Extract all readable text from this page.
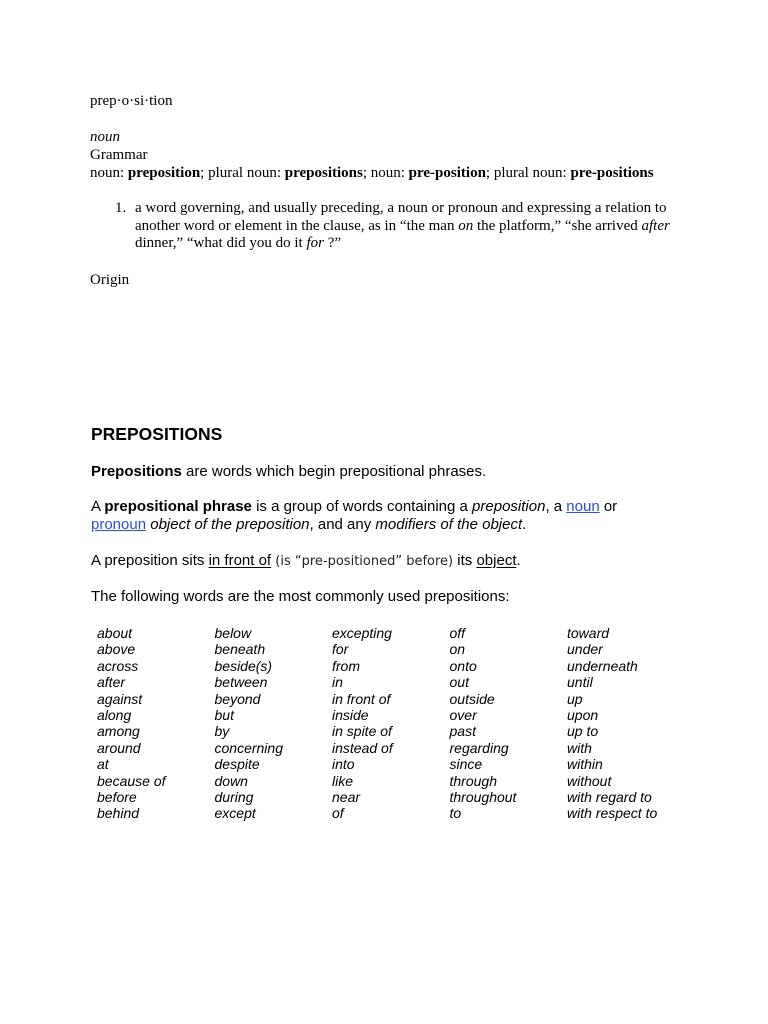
prep·o·si·tion
noun
Grammar
noun: preposition; plural noun: prepositions; noun: pre-position; plural noun: pre-positions
1. a word governing, and usually preceding, a noun or pronoun and expressing a relation to another word or element in the clause, as in “the man on the platform,” “she arrived after dinner,” “what did you do it for ?”
Origin
PREPOSITIONS
Prepositions are words which begin prepositional phrases.
A prepositional phrase is a group of words containing a preposition, a noun or pronoun object of the preposition, and any modifiers of the object.
A preposition sits in front of (is “pre-positioned” before) its object.
The following words are the most commonly used prepositions:
about
above
across
after
against
along
among
around
at
because of
before
behind
below
beneath
beside(s)
between
beyond
but
by
concerning
despite
down
during
except
excepting
for
from
in
in front of
inside
in spite of
instead of
into
like
near
of
off
on
onto
out
outside
over
past
regarding
since
through
throughout
to
toward
under
underneath
until
up
upon
up to
with
within
without
with regard to
with respect to
